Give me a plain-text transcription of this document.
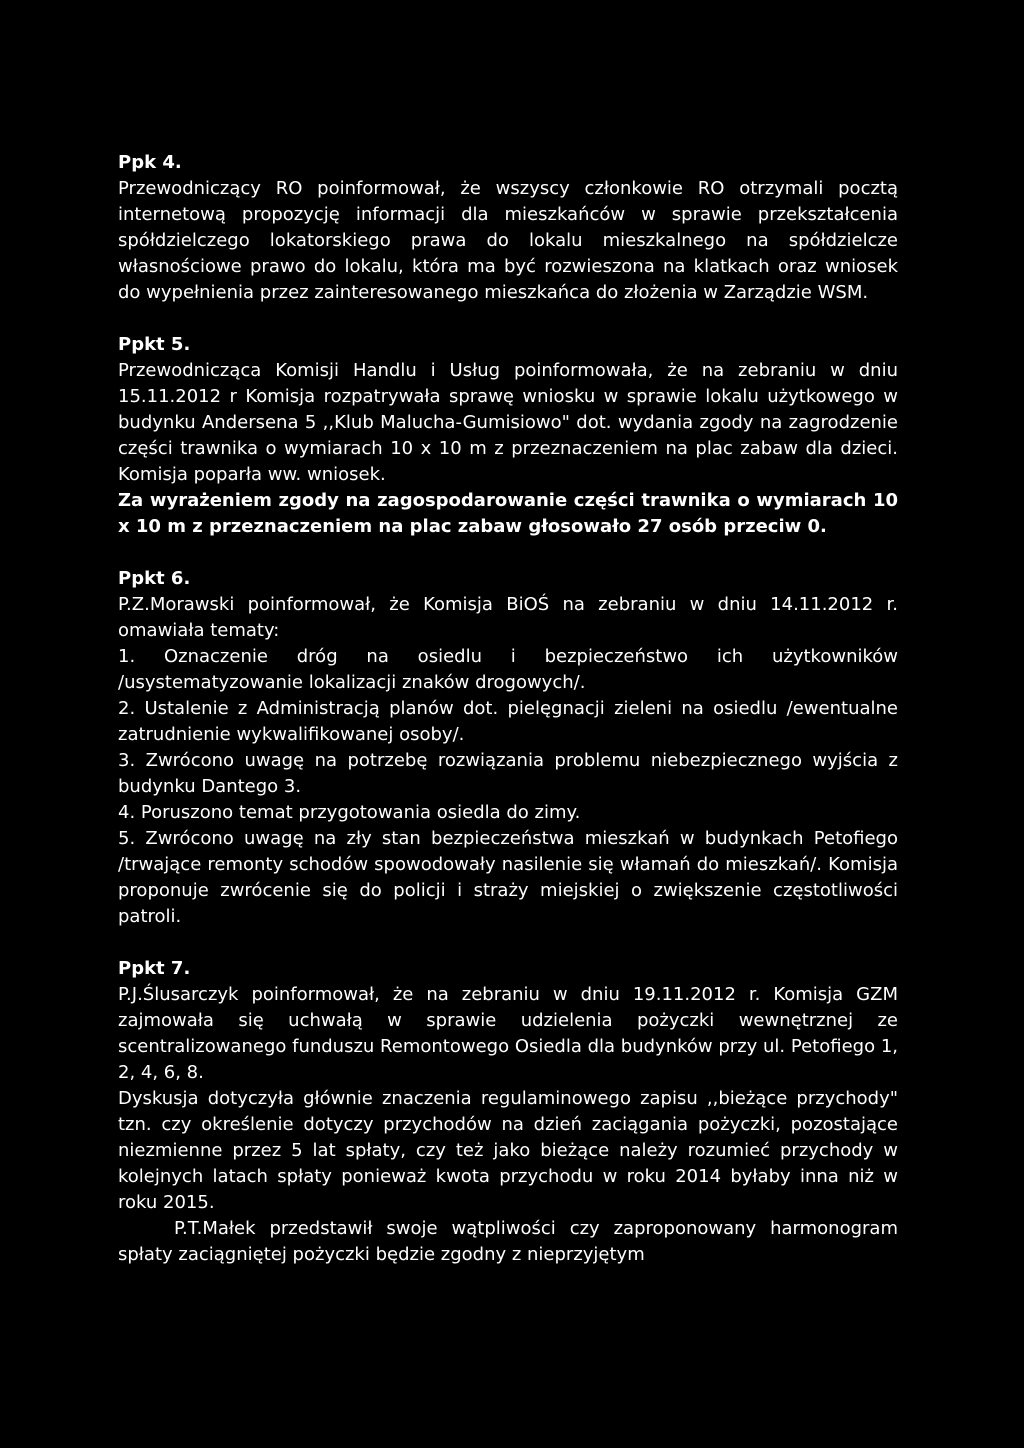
Ppk 4.

Przewodniczący RO poinformował, że wszyscy członkowie RO otrzymali pocztą internetową propozycję informacji dla mieszkańców w sprawie przekształcenia spółdzielczego lokatorskiego prawa do lokalu mieszkalnego na spółdzielcze własnościowe prawo do lokalu, która ma być rozwieszona na klatkach oraz wniosek do wypełnienia przez zainteresowanego mieszkańca do złożenia w Zarządzie WSM.

Ppkt 5.

Przewodnicząca Komisji Handlu i Usług poinformowała, że na zebraniu w dniu 15.11.2012 r Komisja rozpatrywała sprawę wniosku w sprawie lokalu użytkowego w budynku Andersena 5 ,,Klub Malucha-Gumisiowo" dot. wydania zgody na zagrodzenie części trawnika o wymiarach 10 x 10 m z przeznaczeniem na plac zabaw dla dzieci. Komisja poparła ww. wniosek.

Za wyrażeniem zgody na zagospodarowanie części trawnika o wymiarach 10 x 10 m z przeznaczeniem na plac zabaw głosowało 27 osób przeciw 0.

Ppkt 6.

P.Z.Morawski poinformował, że Komisja BiOŚ na zebraniu w dniu 14.11.2012 r. omawiała tematy:

1. Oznaczenie dróg na osiedlu i bezpieczeństwo ich użytkowników /usystematyzowanie lokalizacji znaków drogowych/.

2. Ustalenie z Administracją planów dot. pielęgnacji zieleni na osiedlu /ewentualne zatrudnienie wykwalifikowanej osoby/.

3. Zwrócono uwagę na potrzebę rozwiązania problemu niebezpiecznego wyjścia z budynku Dantego 3.

4. Poruszono temat przygotowania osiedla do zimy.

5. Zwrócono uwagę na zły stan bezpieczeństwa mieszkań w budynkach Petofiego /trwające remonty schodów spowodowały nasilenie się włamań do mieszkań/. Komisja proponuje zwrócenie się do policji i straży miejskiej o zwiększenie częstotliwości patroli.

Ppkt 7.

P.J.Ślusarczyk poinformował, że na zebraniu w dniu 19.11.2012 r. Komisja GZM zajmowała się uchwałą w sprawie udzielenia pożyczki wewnętrznej ze scentralizowanego funduszu Remontowego Osiedla dla budynków przy ul. Petofiego 1, 2, 4, 6, 8.

Dyskusja dotyczyła głównie znaczenia regulaminowego zapisu ,,bieżące przychody" tzn. czy określenie dotyczy przychodów na dzień zaciągania pożyczki, pozostające niezmienne przez 5 lat spłaty, czy też jako bieżące należy rozumieć przychody w kolejnych latach spłaty ponieważ kwota przychodu w roku 2014 byłaby inna niż w roku 2015.

P.T.Małek przedstawił swoje wątpliwości czy zaproponowany harmonogram spłaty zaciągniętej pożyczki będzie zgodny z nieprzyjętym
